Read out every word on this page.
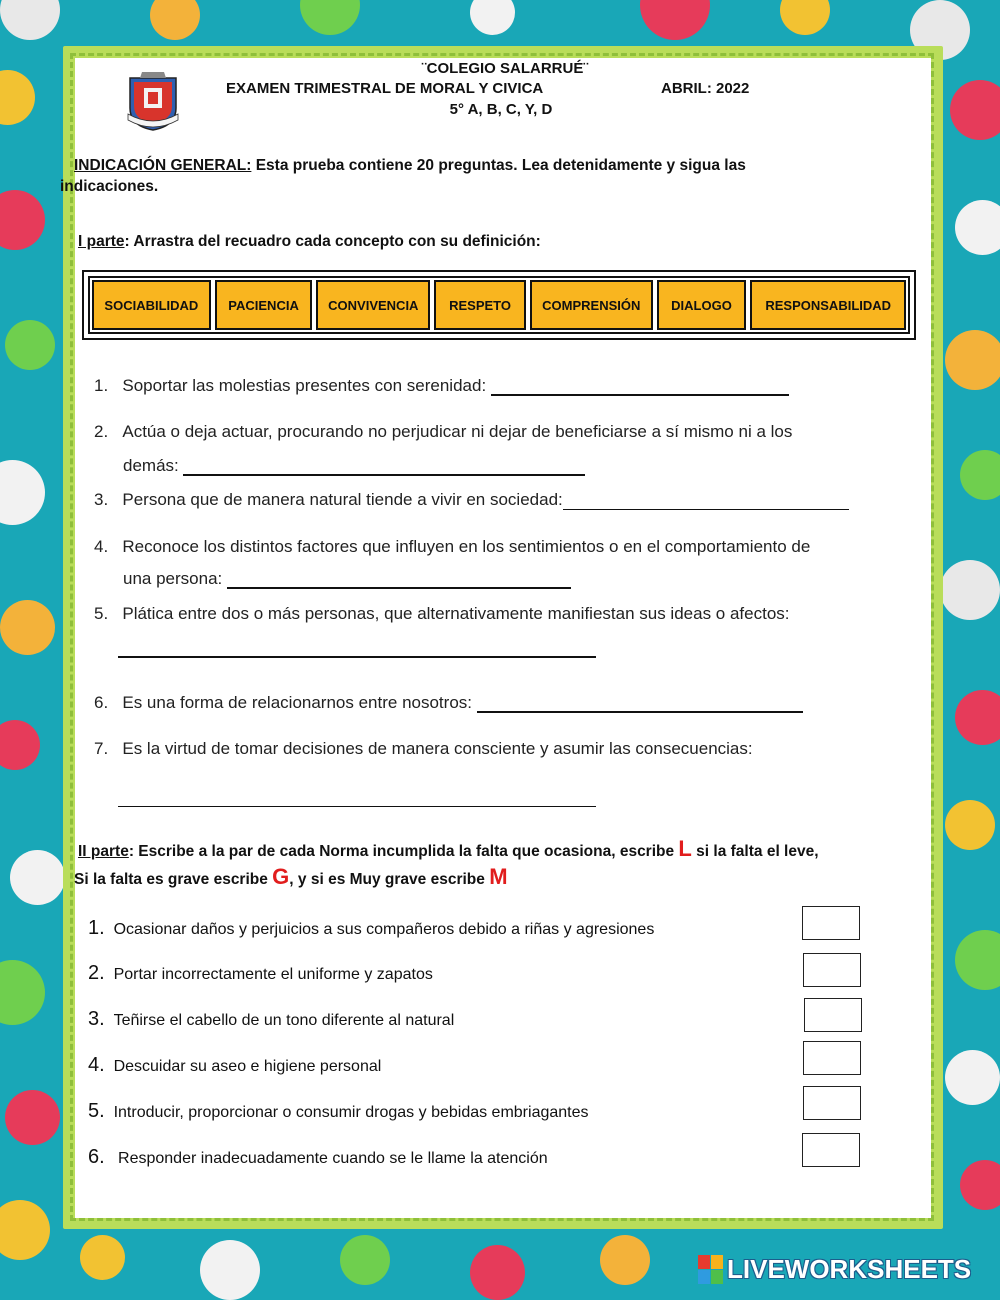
¨COLEGIO SALARRUÉ¨
EXAMEN TRIMESTRAL DE MORAL Y CIVICA	ABRIL: 2022
5° A, B, C, Y, D
INDICACIÓN GENERAL: Esta prueba contiene 20 preguntas. Lea detenidamente y sigua las
indicaciones.
I parte: Arrastra del recuadro cada concepto con su definición:
SOCIABILIDAD	PACIENCIA	CONVIVENCIA	RESPETO	COMPRENSIÓN	DIALOGO	RESPONSABILIDAD
1. Soportar las molestias presentes con serenidad:
2. Actúa o deja actuar, procurando no perjudicar ni dejar de beneficiarse a sí mismo ni a los
demás:
3. Persona que de manera natural tiende a vivir en sociedad:
4. Reconoce los distintos factores que influyen en los sentimientos o en el comportamiento de
una persona:
5. Plática entre dos o más personas, que alternativamente manifiestan sus ideas o afectos:
6. Es una forma de relacionarnos entre nosotros:
7. Es la virtud de tomar decisiones de manera consciente y asumir las consecuencias:
II parte: Escribe a la par de cada Norma incumplida la falta que ocasiona, escribe L si la falta el leve,
Si la falta es grave escribe G, y si es Muy grave escribe M
1. Ocasionar daños y perjuicios a sus compañeros debido a riñas y agresiones
2. Portar incorrectamente el uniforme y zapatos
3. Teñirse el cabello de un tono diferente al natural
4. Descuidar su aseo e higiene personal
5. Introducir, proporcionar o consumir drogas y bebidas embriagantes
6.   Responder inadecuadamente cuando se le llame la atención
LIVEWORKSHEETS
